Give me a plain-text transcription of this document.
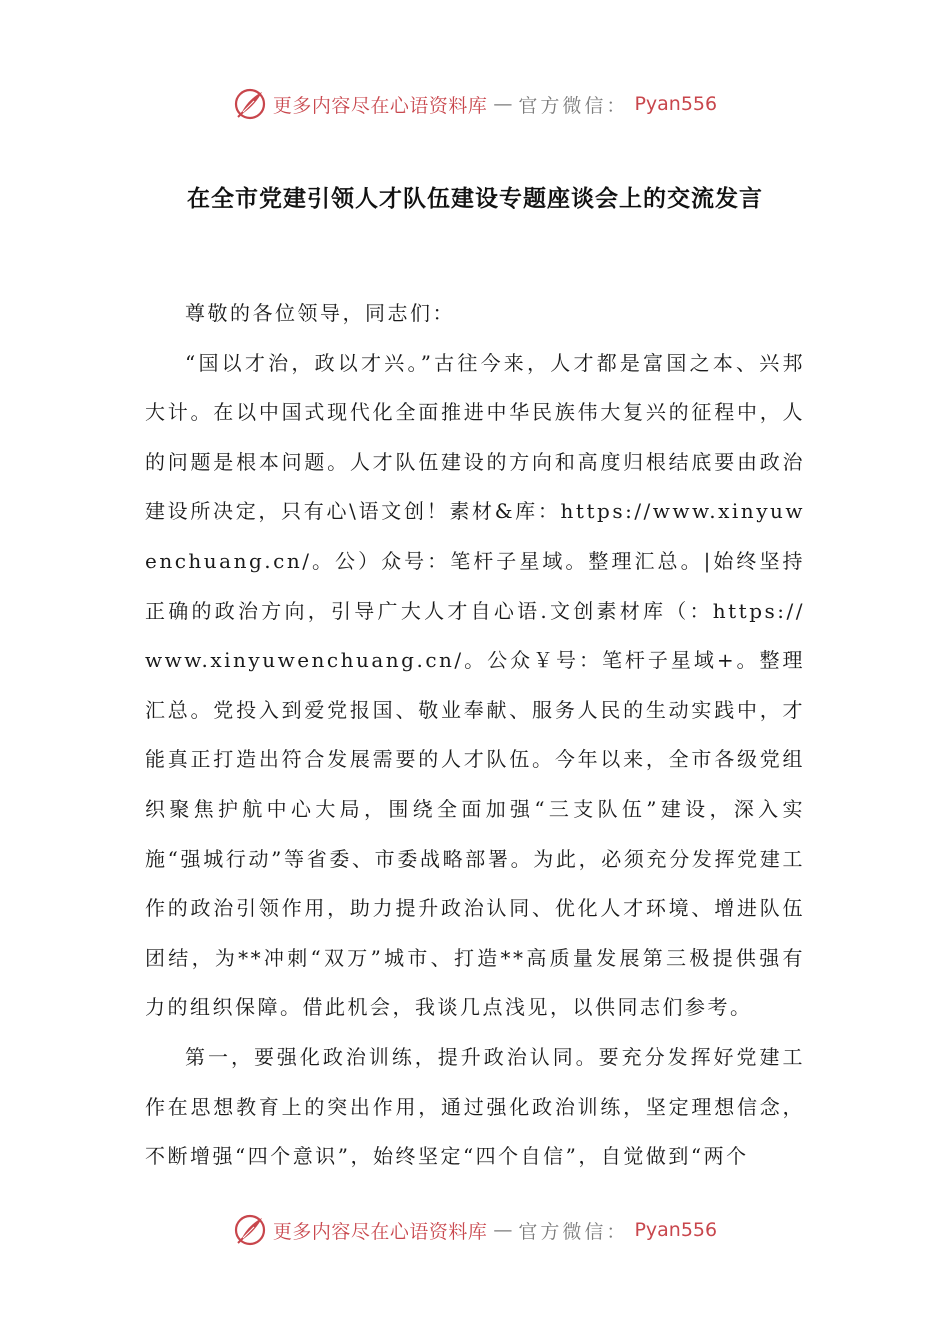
更多内容尽在心语资料库 — 官方微信： Pyan556
在全市党建引领人才队伍建设专题座谈会上的交流发言

尊敬的各位领导，同志们：

“国以才治，政以才兴。”古往今来，人才都是富国之本、兴邦大计。在以中国式现代化全面推进中华民族伟大复兴的征程中，人的问题是根本问题。人才队伍建设的方向和高度归根结底要由政治建设所决定，只有心\语文创！素材&库：https://www.xinyuwenchuang.cn/。公）众号：笔杆子星域。整理汇总。|始终坚持正确的政治方向，引导广大人才自心语.文创素材库（：https://www.xinyuwenchuang.cn/。公众￥号：笔杆子星域+。整理汇总。党投入到爱党报国、敬业奉献、服务人民的生动实践中，才能真正打造出符合发展需要的人才队伍。今年以来，全市各级党组织聚焦护航中心大局，围绕全面加强“三支队伍”建设，深入实施“强城行动”等省委、市委战略部署。为此，必须充分发挥党建工作的政治引领作用，助力提升政治认同、优化人才环境、增进队伍团结，为**冲刺“双万”城市、打造**高质量发展第三极提供强有力的组织保障。借此机会，我谈几点浅见，以供同志们参考。

第一，要强化政治训练，提升政治认同。要充分发挥好党建工作在思想教育上的突出作用，通过强化政治训练，坚定理想信念，不断增强“四个意识”，始终坚定“四个自信”，自觉做到“两个

更多内容尽在心语资料库 — 官方微信： Pyan556
